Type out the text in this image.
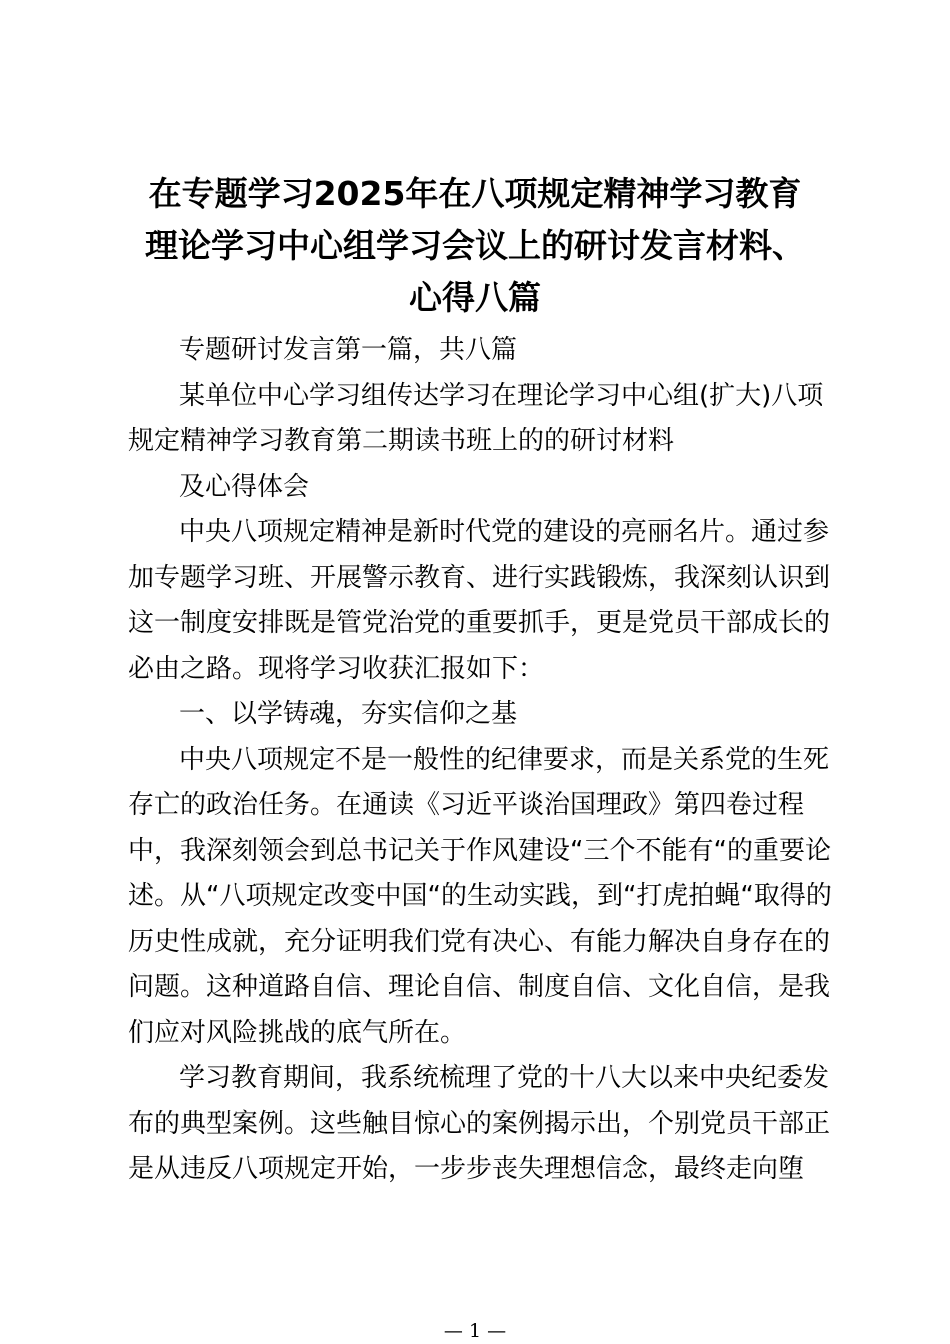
在专题学习2025年在八项规定精神学习教育
理论学习中心组学习会议上的研讨发言材料、
心得八篇
专题研讨发言第一篇，共八篇
某单位中心学习组传达学习在理论学习中心组(扩大)八项
规定精神学习教育第二期读书班上的的研讨材料
及心得体会
中央八项规定精神是新时代党的建设的亮丽名片。通过参
加专题学习班、开展警示教育、进行实践锻炼，我深刻认识到
这一制度安排既是管党治党的重要抓手，更是党员干部成长的
必由之路。现将学习收获汇报如下：
一、以学铸魂，夯实信仰之基
中央八项规定不是一般性的纪律要求，而是关系党的生死
存亡的政治任务。在通读《习近平谈治国理政》第四卷过程
中，我深刻领会到总书记关于作风建设“三个不能有“的重要论
述。从“八项规定改变中国“的生动实践，到“打虎拍蝇“取得的
历史性成就，充分证明我们党有决心、有能力解决自身存在的
问题。这种道路自信、理论自信、制度自信、文化自信，是我
们应对风险挑战的底气所在。
学习教育期间，我系统梳理了党的十八大以来中央纪委发
布的典型案例。这些触目惊心的案例揭示出，个别党员干部正
是从违反八项规定开始，一步步丧失理想信念，最终走向堕
— 1 —
